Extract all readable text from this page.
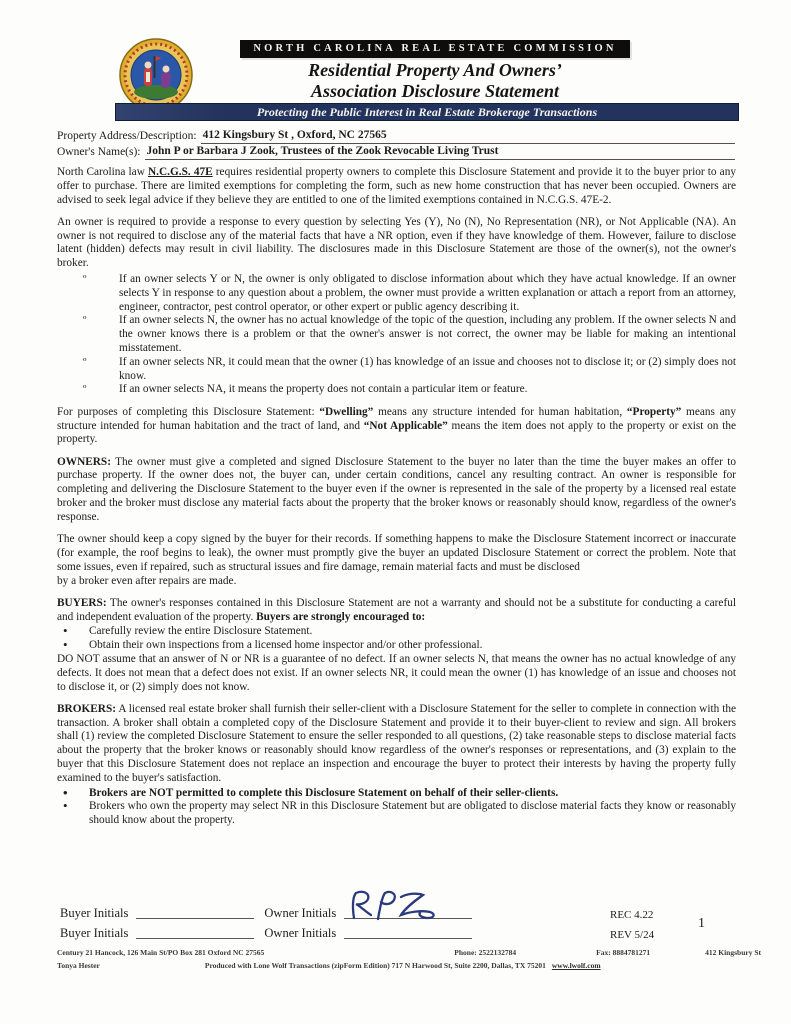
NORTH CAROLINA REAL ESTATE COMMISSION
Residential Property And Owners’
Association Disclosure Statement
Protecting the Public Interest in Real Estate Brokerage Transactions
Property Address/Description: 412 Kingsbury St , Oxford, NC 27565
Owner's Name(s): John P or Barbara J Zook, Trustees of the Zook Revocable Living Trust
North Carolina law N.C.G.S. 47E requires residential property owners to complete this Disclosure Statement and provide it to the buyer prior to any offer to purchase. There are limited exemptions for completing the form, such as new home construction that has never been occupied. Owners are advised to seek legal advice if they believe they are entitled to one of the limited exemptions contained in N.C.G.S. 47E-2.
An owner is required to provide a response to every question by selecting Yes (Y), No (N), No Representation (NR), or Not Applicable (NA). An owner is not required to disclose any of the material facts that have a NR option, even if they have knowledge of them. However, failure to disclose latent (hidden) defects may result in civil liability. The disclosures made in this Disclosure Statement are those of the owner(s), not the owner's broker.
º If an owner selects Y or N, the owner is only obligated to disclose information about which they have actual knowledge. If an owner selects Y in response to any question about a problem, the owner must provide a written explanation or attach a report from an attorney, engineer, contractor, pest control operator, or other expert or public agency describing it.
º If an owner selects N, the owner has no actual knowledge of the topic of the question, including any problem. If the owner selects N and the owner knows there is a problem or that the owner's answer is not correct, the owner may be liable for making an intentional misstatement.
º If an owner selects NR, it could mean that the owner (1) has knowledge of an issue and chooses not to disclose it; or (2) simply does not know.
º If an owner selects NA, it means the property does not contain a particular item or feature.
For purposes of completing this Disclosure Statement: “Dwelling” means any structure intended for human habitation, “Property” means any structure intended for human habitation and the tract of land, and “Not Applicable” means the item does not apply to the property or exist on the property.
OWNERS: The owner must give a completed and signed Disclosure Statement to the buyer no later than the time the buyer makes an offer to purchase property. If the owner does not, the buyer can, under certain conditions, cancel any resulting contract. An owner is responsible for completing and delivering the Disclosure Statement to the buyer even if the owner is represented in the sale of the property by a licensed real estate broker and the broker must disclose any material facts about the property that the broker knows or reasonably should know, regardless of the owner's response.
The owner should keep a copy signed by the buyer for their records. If something happens to make the Disclosure Statement incorrect or inaccurate (for example, the roof begins to leak), the owner must promptly give the buyer an updated Disclosure Statement or correct the problem. Note that some issues, even if repaired, such as structural issues and fire damage, remain material facts and must be disclosed
by a broker even after repairs are made.
BUYERS: The owner's responses contained in this Disclosure Statement are not a warranty and should not be a substitute for conducting a careful and independent evaluation of the property. Buyers are strongly encouraged to:
• Carefully review the entire Disclosure Statement.
• Obtain their own inspections from a licensed home inspector and/or other professional.
DO NOT assume that an answer of N or NR is a guarantee of no defect. If an owner selects N, that means the owner has no actual knowledge of any defects. It does not mean that a defect does not exist. If an owner selects NR, it could mean the owner (1) has knowledge of an issue and chooses not to disclose it, or (2) simply does not know.
BROKERS: A licensed real estate broker shall furnish their seller-client with a Disclosure Statement for the seller to complete in connection with the transaction. A broker shall obtain a completed copy of the Disclosure Statement and provide it to their buyer-client to review and sign. All brokers shall (1) review the completed Disclosure Statement to ensure the seller responded to all questions, (2) take reasonable steps to disclose material facts about the property that the broker knows or reasonably should know regardless of the owner's responses or representations, and (3) explain to the buyer that this Disclosure Statement does not replace an inspection and encourage the buyer to protect their interests by having the property fully examined to the buyer's satisfaction.
• Brokers are NOT permitted to complete this Disclosure Statement on behalf of their seller-clients.
• Brokers who own the property may select NR in this Disclosure Statement but are obligated to disclose material facts they know or reasonably should know about the property.
Buyer Initials	Owner Initials	REC 4.22
Buyer Initials	Owner Initials	REV 5/24
1
Century 21 Hancock, 126 Main St/PO Box 281 Oxford NC 27565	Phone: 2522132784	Fax: 8884781271	412 Kingsbury St
Tonya Hester	Produced with Lone Wolf Transactions (zipForm Edition) 717 N Harwood St, Suite 2200, Dallas, TX 75201 www.lwolf.com
